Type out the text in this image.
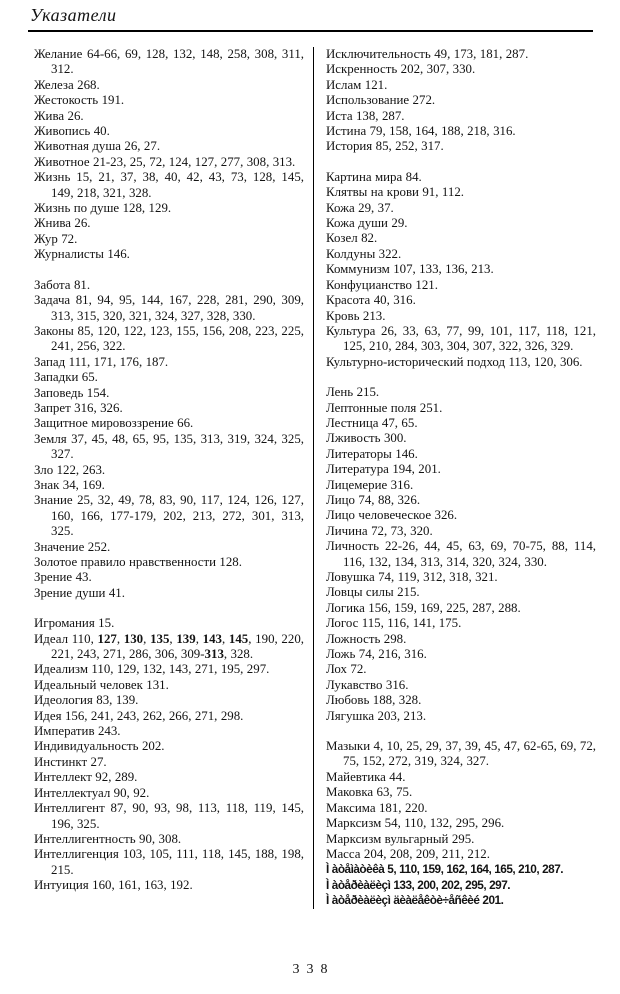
Указатели

Желание 64-66, 69, 128, 132, 148, 258, 308, 311, 312.

Железа 268.

Жестокость 191.

Жива 26.

Живопись 40.

Животная душа 26, 27.

Животное 21-23, 25, 72, 124, 127, 277, 308, 313.

Жизнь 15, 21, 37, 38, 40, 42, 43, 73, 128, 145, 149, 218, 321, 328.

Жизнь по душе 128, 129.

Жнива 26.

Жур 72.

Журналисты 146.

Забота 81.

Задача 81, 94, 95, 144, 167, 228, 281, 290, 309, 313, 315, 320, 321, 324, 327, 328, 330.

Законы 85, 120, 122, 123, 155, 156, 208, 223, 225, 241, 256, 322.

Запад 111, 171, 176, 187.

Западки 65.

Заповедь 154.

Запрет 316, 326.

Защитное мировоззрение 66.

Земля 37, 45, 48, 65, 95, 135, 313, 319, 324, 325, 327.

Зло 122, 263.

Знак 34, 169.

Знание 25, 32, 49, 78, 83, 90, 117, 124, 126, 127, 160, 166, 177-179, 202, 213, 272, 301, 313, 325.

Значение 252.

Золотое правило нравственности 128.

Зрение 43.

Зрение души 41.

Игромания 15.

Идеал 110, 127, 130, 135, 139, 143, 145, 190, 220, 221, 243, 271, 286, 306, 309-313, 328.

Идеализм 110, 129, 132, 143, 271, 195, 297.

Идеальный человек 131.

Идеология 83, 139.

Идея 156, 241, 243, 262, 266, 271, 298.

Императив 243.

Индивидуальность 202.

Инстинкт 27.

Интеллект 92, 289.

Интеллектуал 90, 92.

Интеллигент 87, 90, 93, 98, 113, 118, 119, 145, 196, 325.

Интеллигентность 90, 308.

Интеллигенция 103, 105, 111, 118, 145, 188, 198, 215.

Интуиция 160, 161, 163, 192.

Исключительность 49, 173, 181, 287.

Искренность 202, 307, 330.

Ислам 121.

Использование 272.

Иста 138, 287.

Истина 79, 158, 164, 188, 218, 316.

История 85, 252, 317.

Картина мира 84.

Клятвы на крови 91, 112.

Кожа 29, 37.

Кожа души 29.

Козел 82.

Колдуны 322.

Коммунизм 107, 133, 136, 213.

Конфуцианство 121.

Красота 40, 316.

Кровь 213.

Культура 26, 33, 63, 77, 99, 101, 117, 118, 121, 125, 210, 284, 303, 304, 307, 322, 326, 329.

Культурно-исторический подход 113, 120, 306.

Лень 215.

Лептонные поля 251.

Лестница 47, 65.

Лживость 300.

Литераторы 146.

Литература 194, 201.

Лицемерие 316.

Лицо 74, 88, 326.

Лицо человеческое 326.

Личина 72, 73, 320.

Личность 22-26, 44, 45, 63, 69, 70-75, 88, 114, 116, 132, 134, 313, 314, 320, 324, 330.

Ловушка 74, 119, 312, 318, 321.

Ловцы силы 215.

Логика 156, 159, 169, 225, 287, 288.

Логос 115, 116, 141, 175.

Ложность 298.

Ложь 74, 216, 316.

Лох 72.

Лукавство 316.

Любовь 188, 328.

Лягушка 203, 213.

Мазыки 4, 10, 25, 29, 37, 39, 45, 47, 62-65, 69, 72, 75, 152, 272, 319, 324, 327.

Майевтика 44.

Маковка 63, 75.

Максима 181, 220.

Марксизм 54, 110, 132, 295, 296.

Марксизм вульгарный 295.

Масса 204, 208, 209, 211, 212.

Ì àòåìàòèêà 5, 110, 159, 162, 164, 165, 210, 287.

Ì àòåðèàëèçì 133, 200, 202, 295, 297.

Ì àòåðèàëèçì äèàëåêòè÷åñêèé 201.

338
